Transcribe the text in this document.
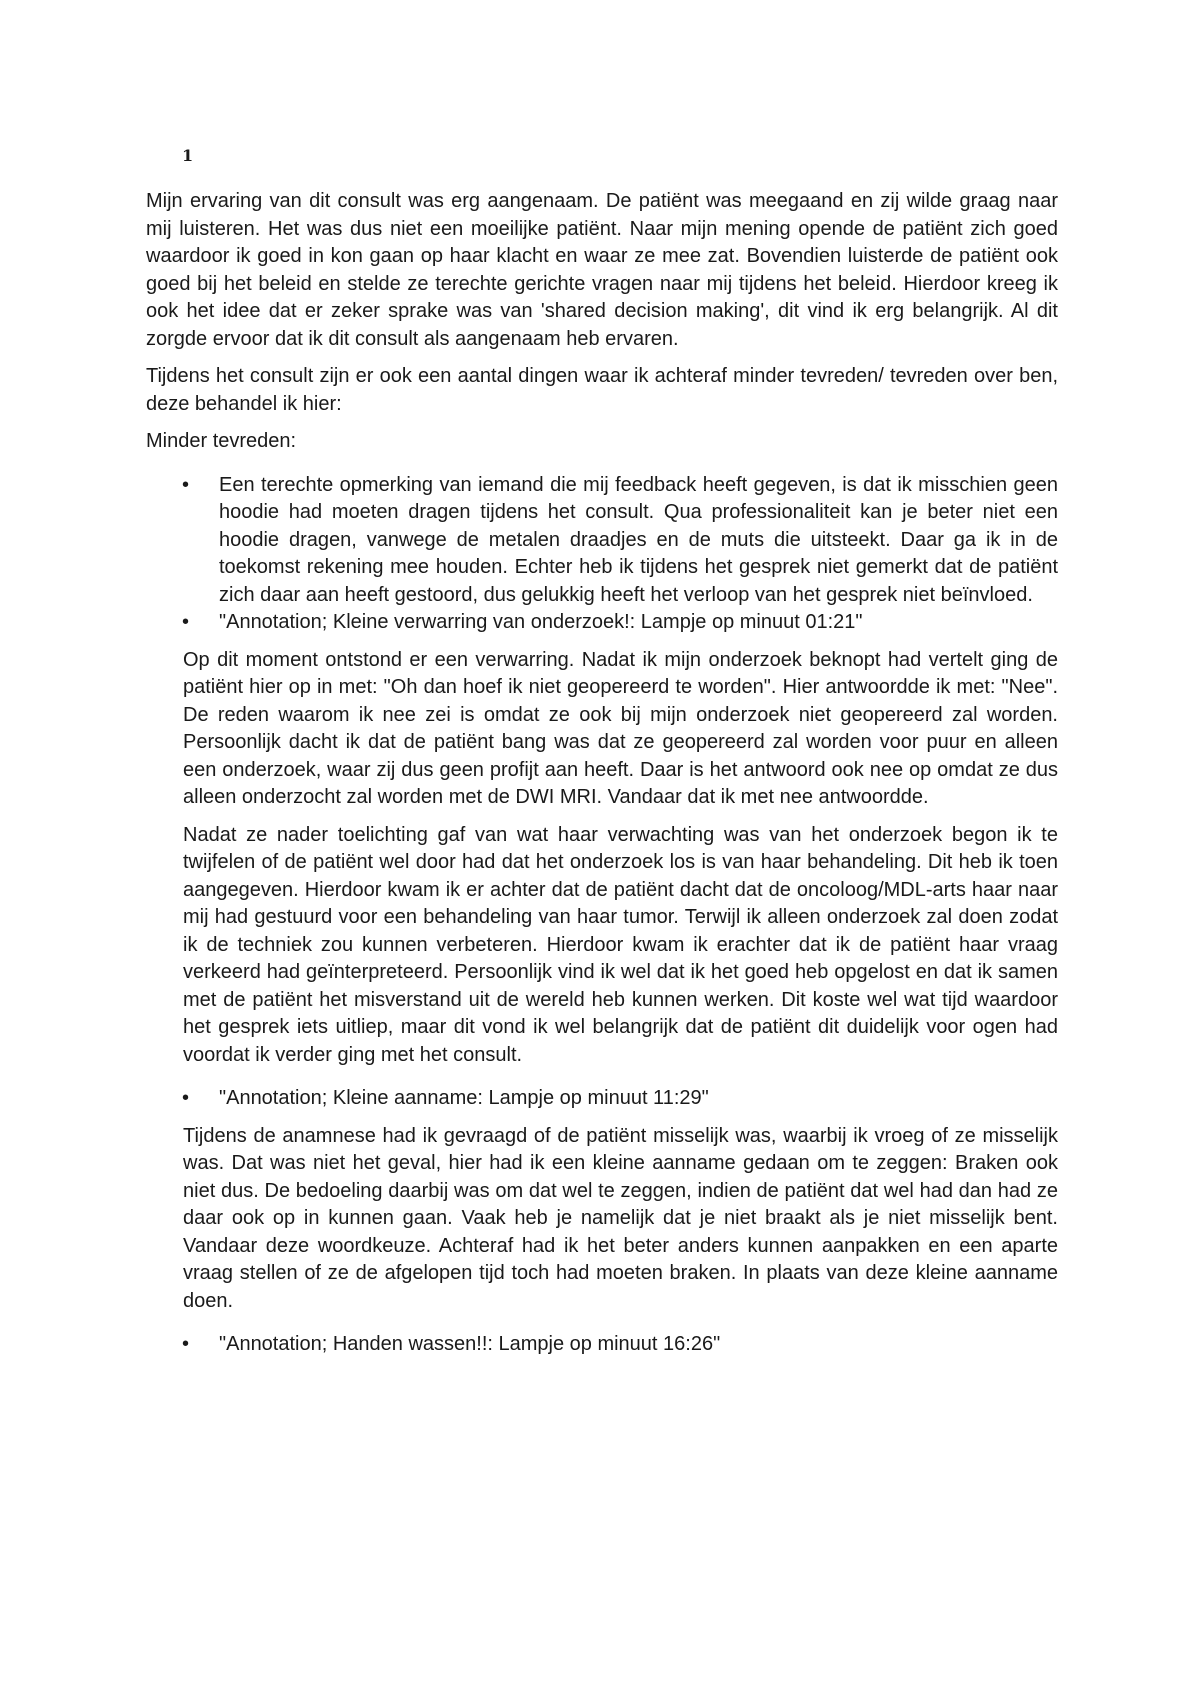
1

Mijn ervaring van dit consult was erg aangenaam. De patiënt was meegaand en zij wilde graag naar mij luisteren. Het was dus niet een moeilijke patiënt. Naar mijn mening opende de patiënt zich goed waardoor ik goed in kon gaan op haar klacht en waar ze mee zat. Bovendien luisterde de patiënt ook goed bij het beleid en stelde ze terechte gerichte vragen naar mij tijdens het beleid. Hierdoor kreeg ik ook het idee dat er zeker sprake was van 'shared decision making', dit vind ik erg belangrijk. Al dit zorgde ervoor dat ik dit consult als aangenaam heb ervaren.

Tijdens het consult zijn er ook een aantal dingen waar ik achteraf minder tevreden/ tevreden over ben, deze behandel ik hier:

Minder tevreden:

• Een terechte opmerking van iemand die mij feedback heeft gegeven, is dat ik misschien geen hoodie had moeten dragen tijdens het consult. Qua professionaliteit kan je beter niet een hoodie dragen, vanwege de metalen draadjes en de muts die uitsteekt. Daar ga ik in de toekomst rekening mee houden. Echter heb ik tijdens het gesprek niet gemerkt dat de patiënt zich daar aan heeft gestoord, dus gelukkig heeft het verloop van het gesprek niet beïnvloed.
• "Annotation; Kleine verwarring van onderzoek!: Lampje op minuut 01:21"

Op dit moment ontstond er een verwarring. Nadat ik mijn onderzoek beknopt had vertelt ging de patiënt hier op in met: "Oh dan hoef ik niet geopereerd te worden". Hier antwoordde ik met: "Nee". De reden waarom ik nee zei is omdat ze ook bij mijn onderzoek niet geopereerd zal worden. Persoonlijk dacht ik dat de patiënt bang was dat ze geopereerd zal worden voor puur en alleen een onderzoek, waar zij dus geen profijt aan heeft. Daar is het antwoord ook nee op omdat ze dus alleen onderzocht zal worden met de DWI MRI. Vandaar dat ik met nee antwoordde.

Nadat ze nader toelichting gaf van wat haar verwachting was van het onderzoek begon ik te twijfelen of de patiënt wel door had dat het onderzoek los is van haar behandeling. Dit heb ik toen aangegeven. Hierdoor kwam ik er achter dat de patiënt dacht dat de oncoloog/MDL-arts haar naar mij had gestuurd voor een behandeling van haar tumor. Terwijl ik alleen onderzoek zal doen zodat ik de techniek zou kunnen verbeteren. Hierdoor kwam ik erachter dat ik de patiënt haar vraag verkeerd had geïnterpreteerd. Persoonlijk vind ik wel dat ik het goed heb opgelost en dat ik samen met de patiënt het misverstand uit de wereld heb kunnen werken. Dit koste wel wat tijd waardoor het gesprek iets uitliep, maar dit vond ik wel belangrijk dat de patiënt dit duidelijk voor ogen had voordat ik verder ging met het consult.

• "Annotation; Kleine aanname: Lampje op minuut 11:29"

Tijdens de anamnese had ik gevraagd of de patiënt misselijk was, waarbij ik vroeg of ze misselijk was. Dat was niet het geval, hier had ik een kleine aanname gedaan om te zeggen: Braken ook niet dus. De bedoeling daarbij was om dat wel te zeggen, indien de patiënt dat wel had dan had ze daar ook op in kunnen gaan. Vaak heb je namelijk dat je niet braakt als je niet misselijk bent. Vandaar deze woordkeuze. Achteraf had ik het beter anders kunnen aanpakken en een aparte vraag stellen of ze de afgelopen tijd toch had moeten braken. In plaats van deze kleine aanname doen.

• "Annotation; Handen wassen!!: Lampje op minuut 16:26"
